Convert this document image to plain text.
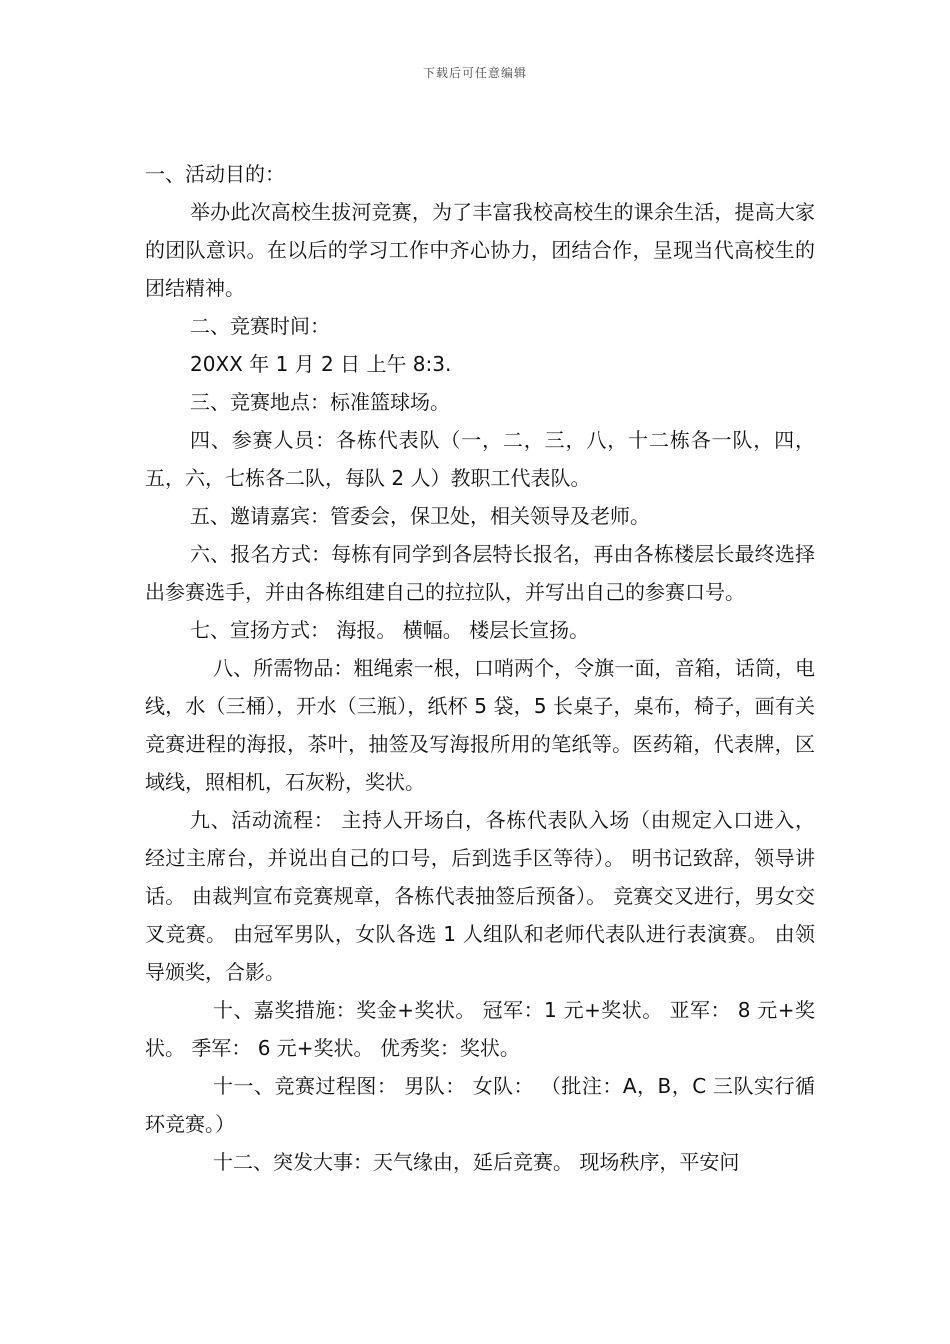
下载后可任意编辑

一、活动目的：

举办此次高校生拔河竞赛，为了丰富我校高校生的课余生活，提高大家的团队意识。在以后的学习工作中齐心协力，团结合作，呈现当代高校生的团结精神。

二、竞赛时间：

20XX 年 1 月 2 日 上午 8:3.

三、竞赛地点：标准篮球场。

四、参赛人员：各栋代表队（一，二，三，八，十二栋各一队，四，五，六，七栋各二队，每队 2 人）教职工代表队。

五、邀请嘉宾：管委会，保卫处，相关领导及老师。

六、报名方式：每栋有同学到各层特长报名，再由各栋楼层长最终选择出参赛选手，并由各栋组建自己的拉拉队，并写出自己的参赛口号。

七、宣扬方式： 海报。 横幅。 楼层长宣扬。

八、所需物品：粗绳索一根，口哨两个，令旗一面，音箱，话筒，电线，水（三桶），开水（三瓶），纸杯 5 袋，5 长桌子，桌布，椅子，画有关竞赛进程的海报，茶叶，抽签及写海报所用的笔纸等。医药箱，代表牌，区域线，照相机，石灰粉，奖状。

九、活动流程： 主持人开场白，各栋代表队入场（由规定入口进入，经过主席台，并说出自己的口号，后到选手区等待）。 明书记致辞，领导讲话。 由裁判宣布竞赛规章，各栋代表抽签后预备）。 竞赛交叉进行，男女交叉竞赛。 由冠军男队，女队各选 1 人组队和老师代表队进行表演赛。 由领导颁奖，合影。

十、嘉奖措施：奖金+奖状。 冠军：1 元+奖状。 亚军： 8 元+奖状。 季军： 6 元+奖状。 优秀奖：奖状。

十一、竞赛过程图： 男队： 女队： （批注：A，B，C 三队实行循环竞赛。）

十二、突发大事：天气缘由，延后竞赛。 现场秩序，平安问
